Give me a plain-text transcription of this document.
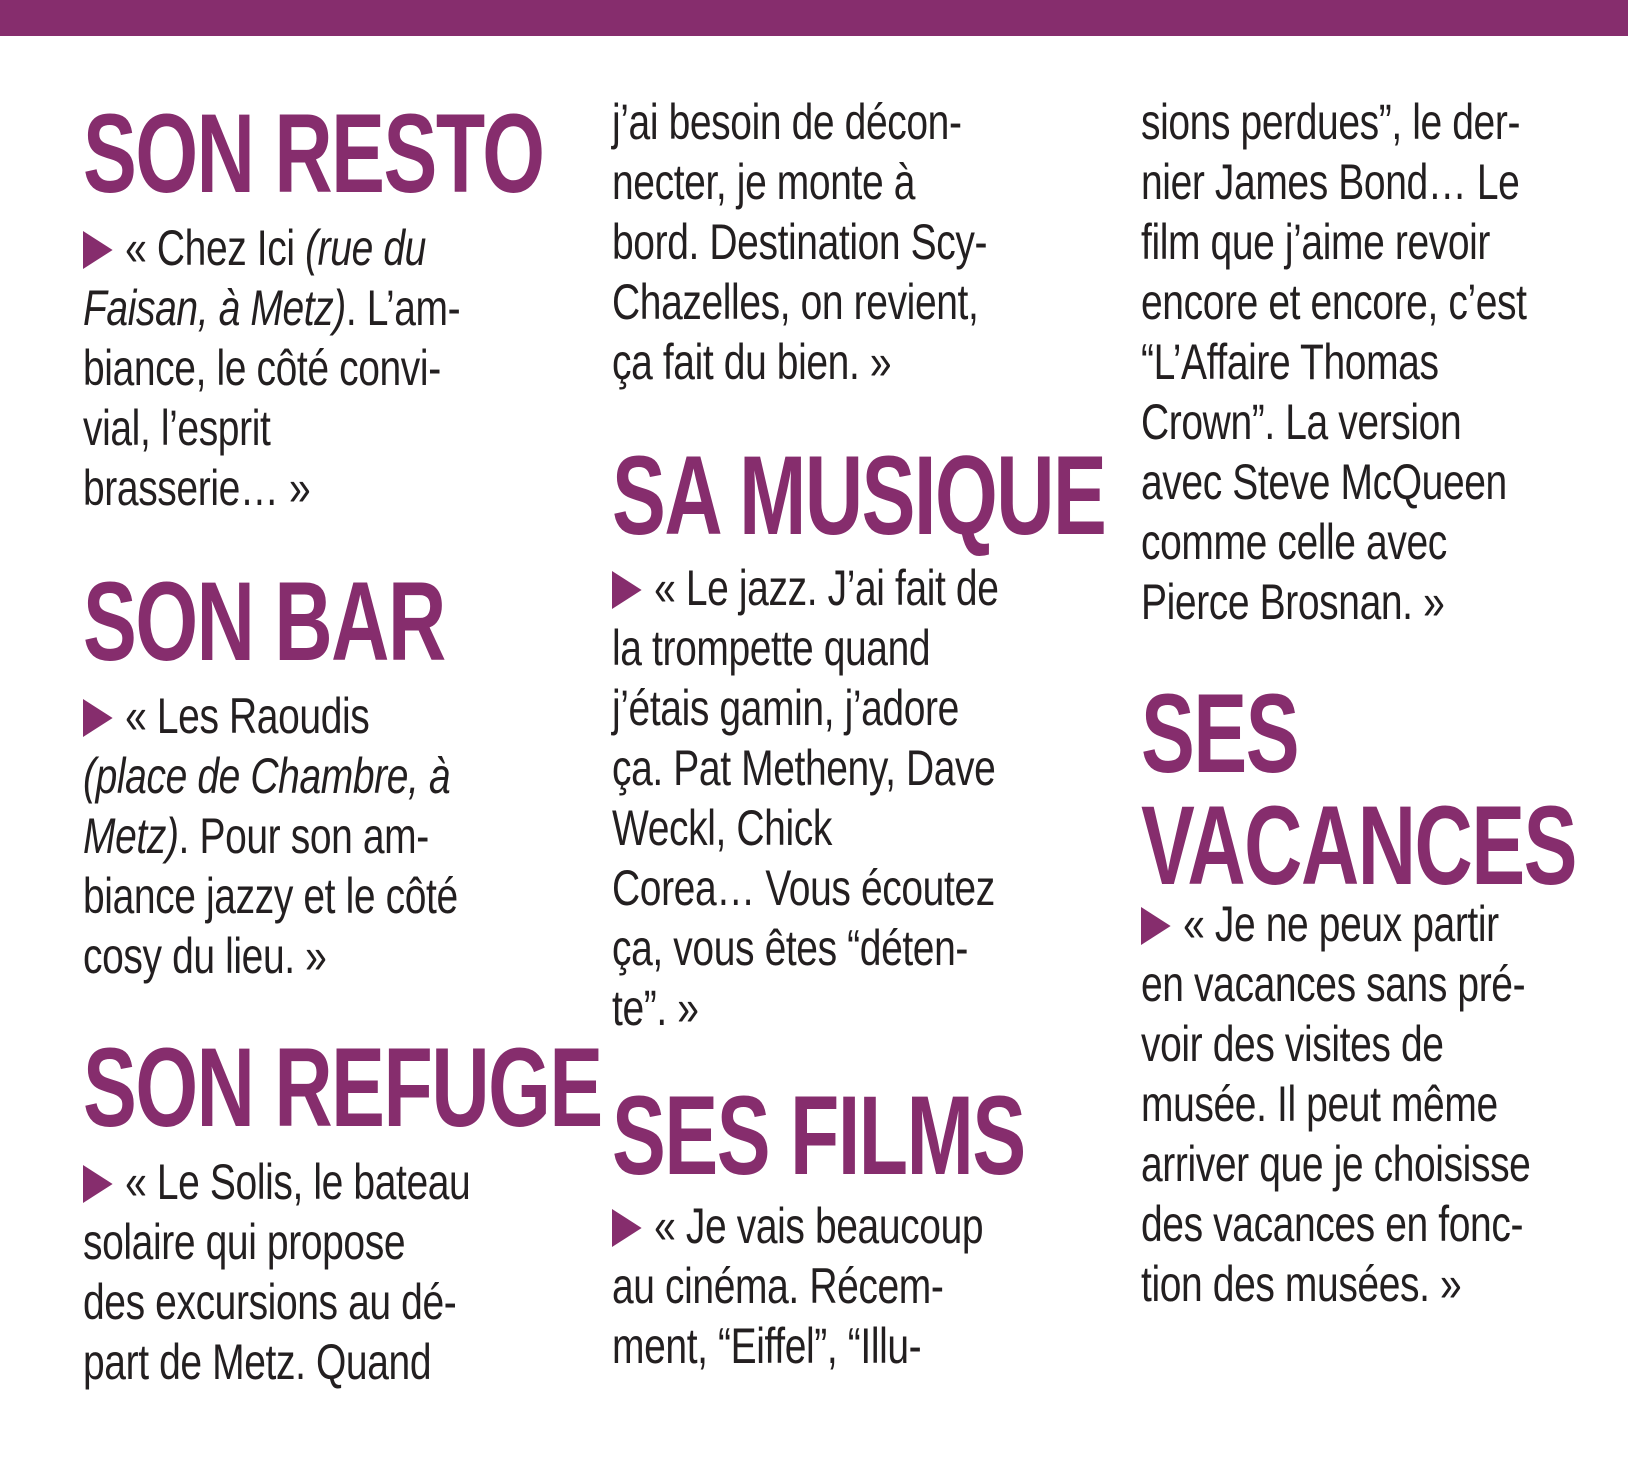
SON RESTO
« Chez Ici (rue du
Faisan, à Metz). L’am-
biance, le côté convi-
vial, l’esprit
brasserie… »
SON BAR
« Les Raoudis
(place de Chambre, à
Metz). Pour son am-
biance jazzy et le côté
cosy du lieu. »
SON REFUGE
« Le Solis, le bateau
solaire qui propose
des excursions au dé-
part de Metz. Quand
j’ai besoin de décon-
necter, je monte à
bord. Destination Scy-
Chazelles, on revient,
ça fait du bien. »
SA MUSIQUE
« Le jazz. J’ai fait de
la trompette quand
j’étais gamin, j’adore
ça. Pat Metheny, Dave
Weckl, Chick
Corea… Vous écoutez
ça, vous êtes “déten-
te”. »
SES FILMS
« Je vais beaucoup
au cinéma. Récem-
ment, “Eiffel”, “Illu-
sions perdues”, le der-
nier James Bond… Le
film que j’aime revoir
encore et encore, c’est
“L’Affaire Thomas
Crown”. La version
avec Steve McQueen
comme celle avec
Pierce Brosnan. »
SES
VACANCES
« Je ne peux partir
en vacances sans pré-
voir des visites de
musée. Il peut même
arriver que je choisisse
des vacances en fonc-
tion des musées. »
